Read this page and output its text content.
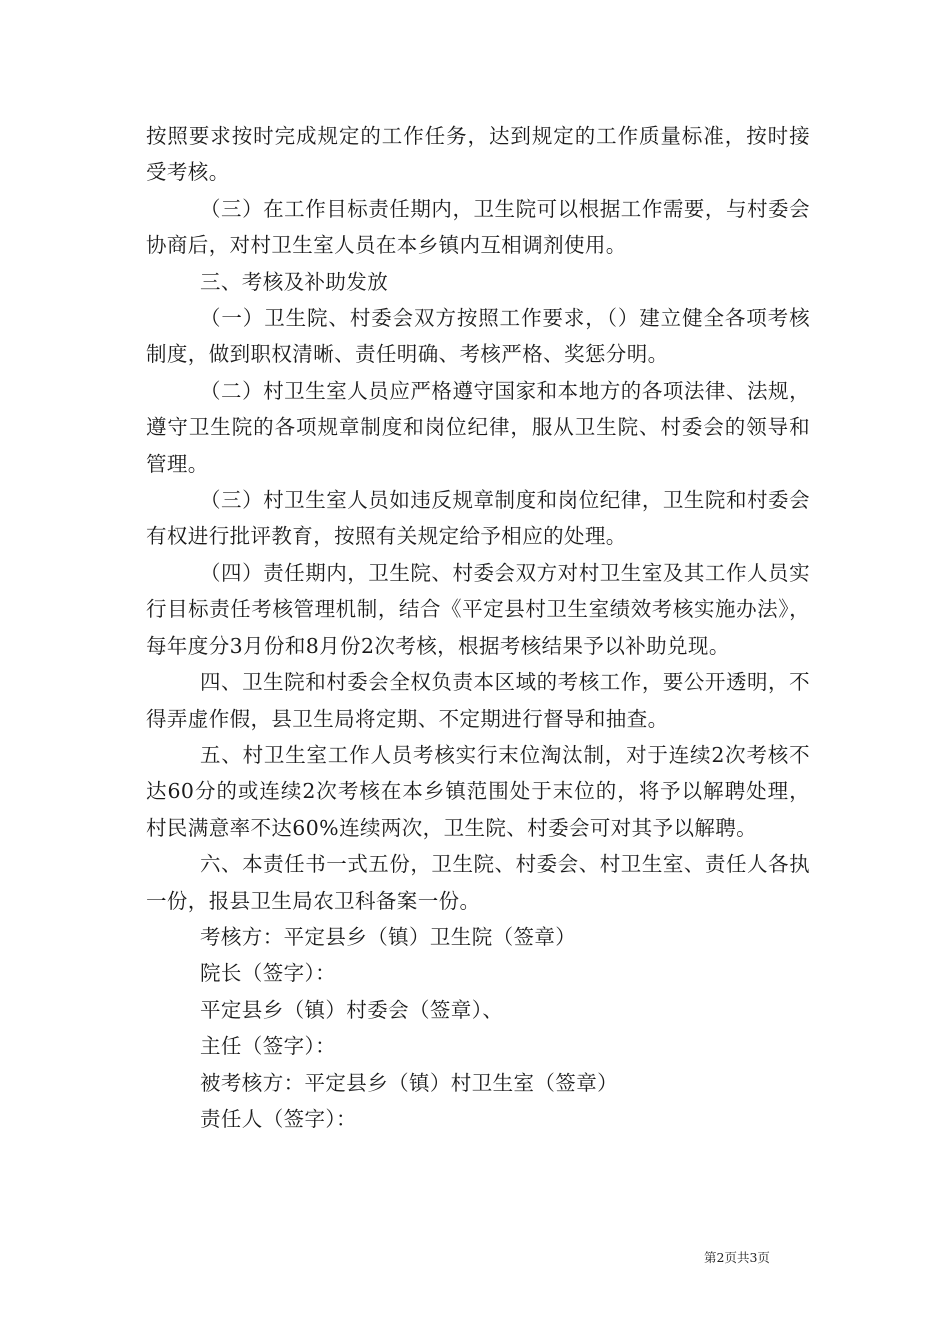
按照要求按时完成规定的工作任务，达到规定的工作质量标准，按时接受考核。

（三）在工作目标责任期内，卫生院可以根据工作需要，与村委会协商后，对村卫生室人员在本乡镇内互相调剂使用。

三、考核及补助发放

（一）卫生院、村委会双方按照工作要求，（）建立健全各项考核制度，做到职权清晰、责任明确、考核严格、奖惩分明。

（二）村卫生室人员应严格遵守国家和本地方的各项法律、法规，遵守卫生院的各项规章制度和岗位纪律，服从卫生院、村委会的领导和管理。

（三）村卫生室人员如违反规章制度和岗位纪律，卫生院和村委会有权进行批评教育，按照有关规定给予相应的处理。

（四）责任期内，卫生院、村委会双方对村卫生室及其工作人员实行目标责任考核管理机制，结合《平定县村卫生室绩效考核实施办法》，每年度分3月份和8月份2次考核，根据考核结果予以补助兑现。

四、卫生院和村委会全权负责本区域的考核工作，要公开透明，不得弄虚作假，县卫生局将定期、不定期进行督导和抽查。

五、村卫生室工作人员考核实行末位淘汰制，对于连续2次考核不达60分的或连续2次考核在本乡镇范围处于末位的，将予以解聘处理，村民满意率不达60%连续两次，卫生院、村委会可对其予以解聘。

六、本责任书一式五份，卫生院、村委会、村卫生室、责任人各执一份，报县卫生局农卫科备案一份。

考核方：平定县乡（镇）卫生院（签章）

院长（签字）：

平定县乡（镇）村委会（签章）、

主任（签字）：

被考核方：平定县乡（镇）村卫生室（签章）

责任人（签字）：

第2页共3页
